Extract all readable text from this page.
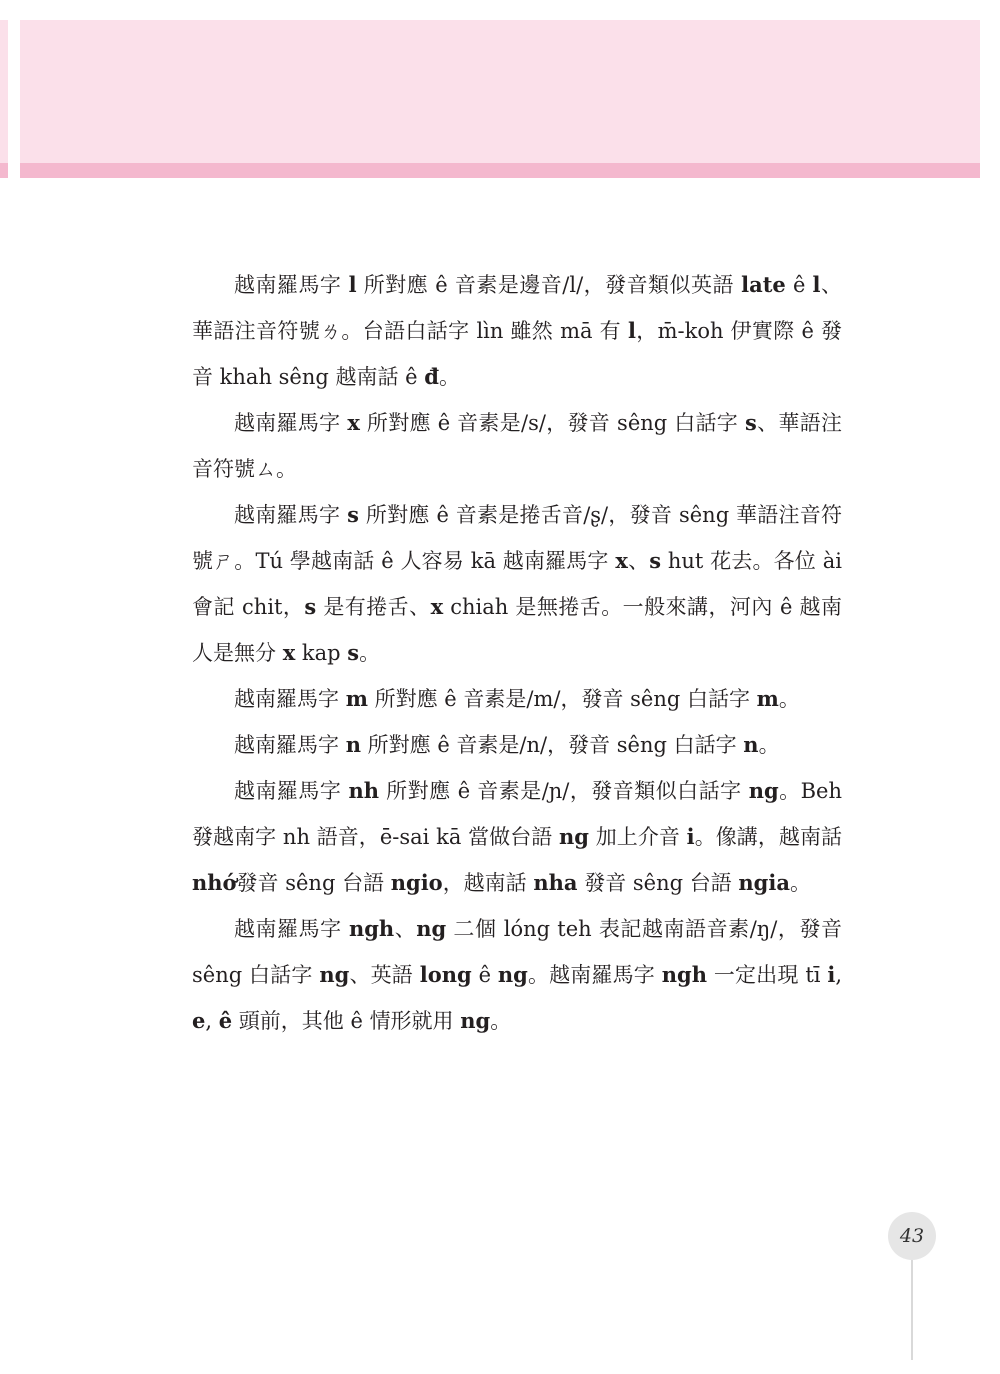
越南羅馬字 l 所對應 ê 音素是邊音/l/，發音類似英語 late ê l、華語注音符號ㄌ。台語白話字 lìn 雖然 mā 有 l，m̄-koh 伊實際 ê 發音 khah sêng 越南話 ê đ。

越南羅馬字 x 所對應 ê 音素是/s/，發音 sêng 白話字 s、華語注音符號ㄙ。

越南羅馬字 s 所對應 ê 音素是捲舌音/ʂ/，發音 sêng 華語注音符號ㄕ。Tú 學越南話 ê 人容易 kā 越南羅馬字 x、s hut 花去。各位 ài 會記 chit，s 是有捲舌、x chiah 是無捲舌。一般來講，河內 ê 越南人是無分 x kap s。

越南羅馬字 m 所對應 ê 音素是/m/，發音 sêng 白話字 m。

越南羅馬字 n 所對應 ê 音素是/n/，發音 sêng 白話字 n。

越南羅馬字 nh 所對應 ê 音素是/ɲ/，發音類似白話字 ng。Beh 發越南字 nh 語音，ē-sai kā 當做台語 ng 加上介音 i。像講，越南話 nhớ發音 sêng 台語 ngio，越南話 nha 發音 sêng 台語 ngia。

越南羅馬字 ngh、ng 二個 lóng teh 表記越南語音素/ŋ/，發音 sêng 白話字 ng、英語 long ê ng。越南羅馬字 ngh 一定出現 tī i, e, ê 頭前，其他 ê 情形就用 ng。

43
